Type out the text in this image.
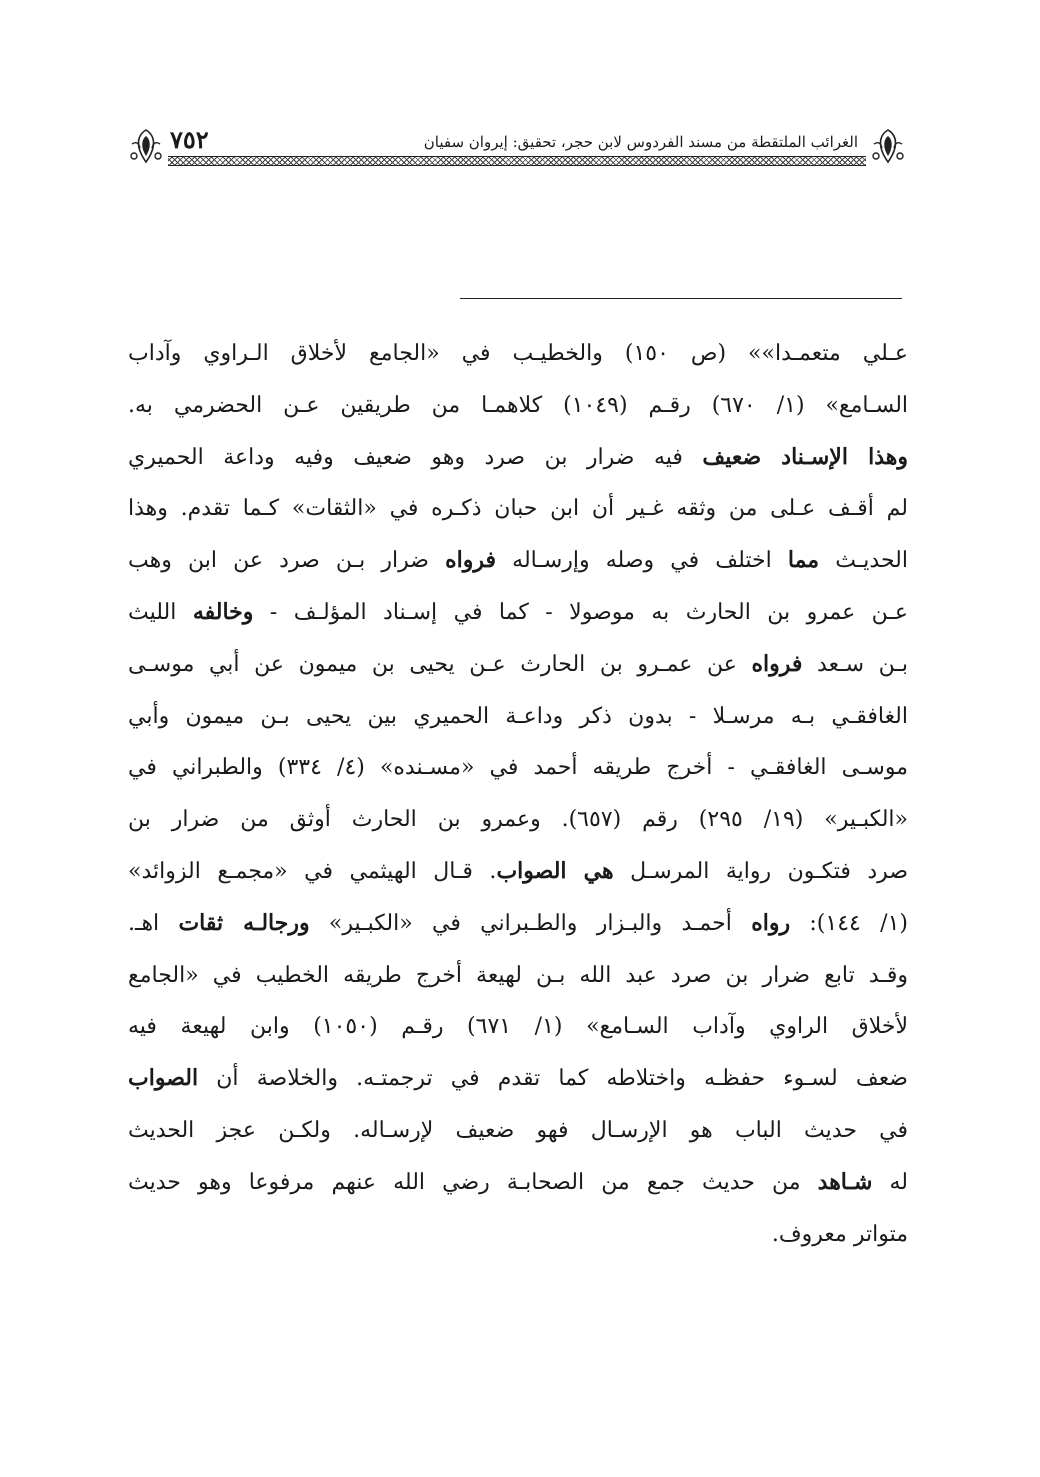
الغرائب الملتقطة من مسند الفردوس لابن حجر، تحقيق: إيروان سفيان
٧٥٢
عـلي متعمـدا»» (ص ١٥٠) والخطيـب في «الجامع لأخلاق الـراوي وآداب
السـامع» (١/ ٦٧٠) رقـم (١٠٤٩) كلاهمـا من طريقين عـن الحضرمي به.
وهذا الإسـناد ضعيف فيه ضرار بن صرد وهو ضعيف وفيه وداعة الحميري
لم أقـف عـلى من وثقه غـير أن ابن حبان ذكـره في «الثقات» كـما تقدم. وهذا
الحديـث مما اختلف في وصله وإرسـاله فرواه ضرار بـن صرد عن ابن وهب
عـن عمرو بن الحارث به موصولا - كما في إسـناد المؤلـف - وخالفه الليث
بـن سـعد فرواه عن عمـرو بن الحارث عـن يحيى بن ميمون عن أبي موسـى
الغافقـي بـه مرسـلا - بدون ذكر وداعـة الحميري بين يحيى بـن ميمون وأبي
موسـى الغافقـي - أخرج طريقه أحمد في «مسـنده» (٤/ ٣٣٤) والطبراني في
«الكبـير» (١٩/ ٢٩٥) رقم (٦٥٧). وعمرو بن الحارث أوثق من ضرار بن
صرد فتكـون رواية المرسـل هي الصواب. قـال الهيثمي في «مجمـع الزوائد»
(١/ ١٤٤): رواه أحمـد والبـزار والطـبراني في «الكبـير» ورجالـه ثقات اهـ.
وقـد تابع ضرار بن صرد عبد الله بـن لهيعة أخرج طريقه الخطيب في «الجامع
لأخلاق الراوي وآداب السـامع» (١/ ٦٧١) رقـم (١٠٥٠) وابن لهيعة فيه
ضعف لسـوء حفظـه واختلاطه كما تقدم في ترجمتـه. والخلاصة أن الصواب
في حديث الباب هو الإرسـال فهو ضعيف لإرسـاله. ولكـن عجز الحديث
له شـاهد من حديث جمع من الصحابـة رضي الله عنهم مرفوعا وهو حديث
متواتر معروف.
